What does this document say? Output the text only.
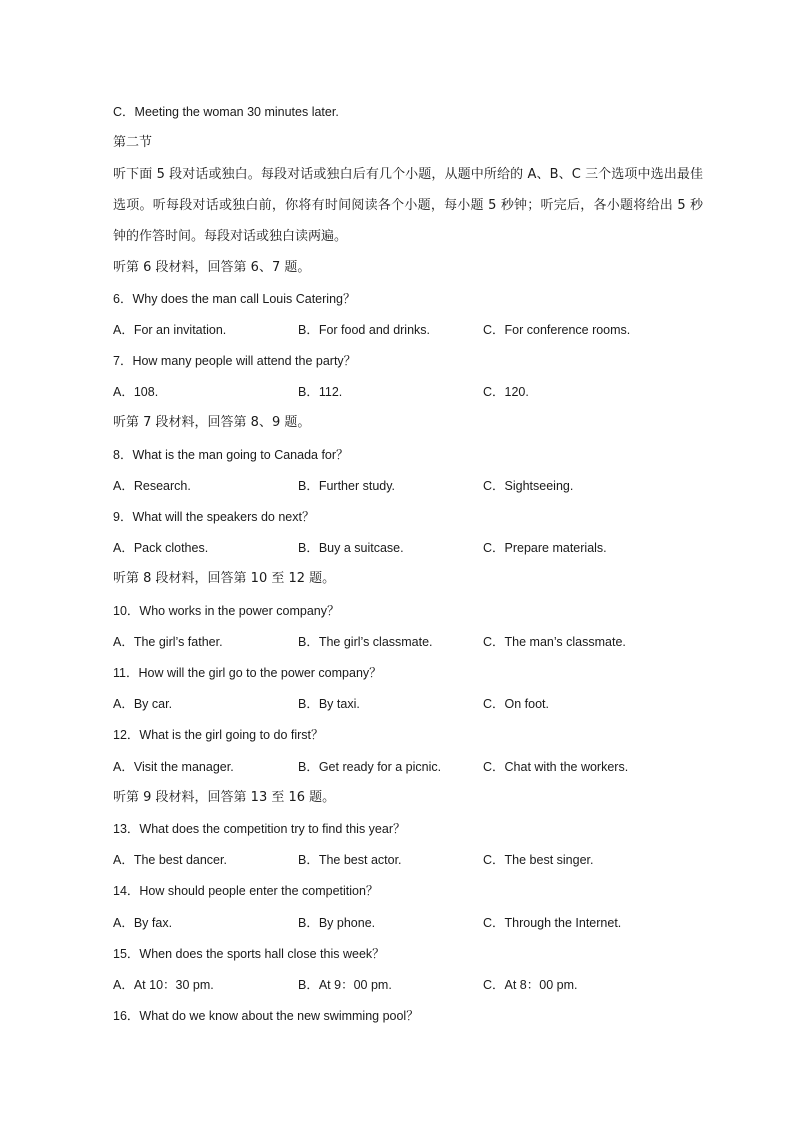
C．Meeting the woman 30 minutes later.
第二节
听下面 5 段对话或独白。每段对话或独白后有几个小题，从题中所给的 A、B、C 三个选项中选出最佳选项。听每段对话或独白前，你将有时间阅读各个小题，每小题 5 秒钟；听完后，各小题将给出 5 秒钟的作答时间。每段对话或独白读两遍。
听第 6 段材料，回答第 6、7 题。
6．Why does the man call Louis Catering？
A．For an invitation.	B．For food and drinks.	C．For conference rooms.
7．How many people will attend the party？
A．108.	B．112.	C．120.
听第 7 段材料，回答第 8、9 题。
8．What is the man going to Canada for？
A．Research.	B．Further study.	C．Sightseeing.
9．What will the speakers do next？
A．Pack clothes.	B．Buy a suitcase.	C．Prepare materials.
听第 8 段材料，回答第 10 至 12 题。
10．Who works in the power company？
A．The girl’s father.	B．The girl’s classmate.	C．The man’s classmate.
11．How will the girl go to the power company？
A．By car.	B．By taxi.	C．On foot.
12．What is the girl going to do first？
A．Visit the manager.	B．Get ready for a picnic.	C．Chat with the workers.
听第 9 段材料，回答第 13 至 16 题。
13．What does the competition try to find this year？
A．The best dancer.	B．The best actor.	C．The best singer.
14．How should people enter the competition？
A．By fax.	B．By phone.	C．Through the Internet.
15．When does the sports hall close this week？
A．At 10：30 pm.	B．At 9：00 pm.	C．At 8：00 pm.
16．What do we know about the new swimming pool？
